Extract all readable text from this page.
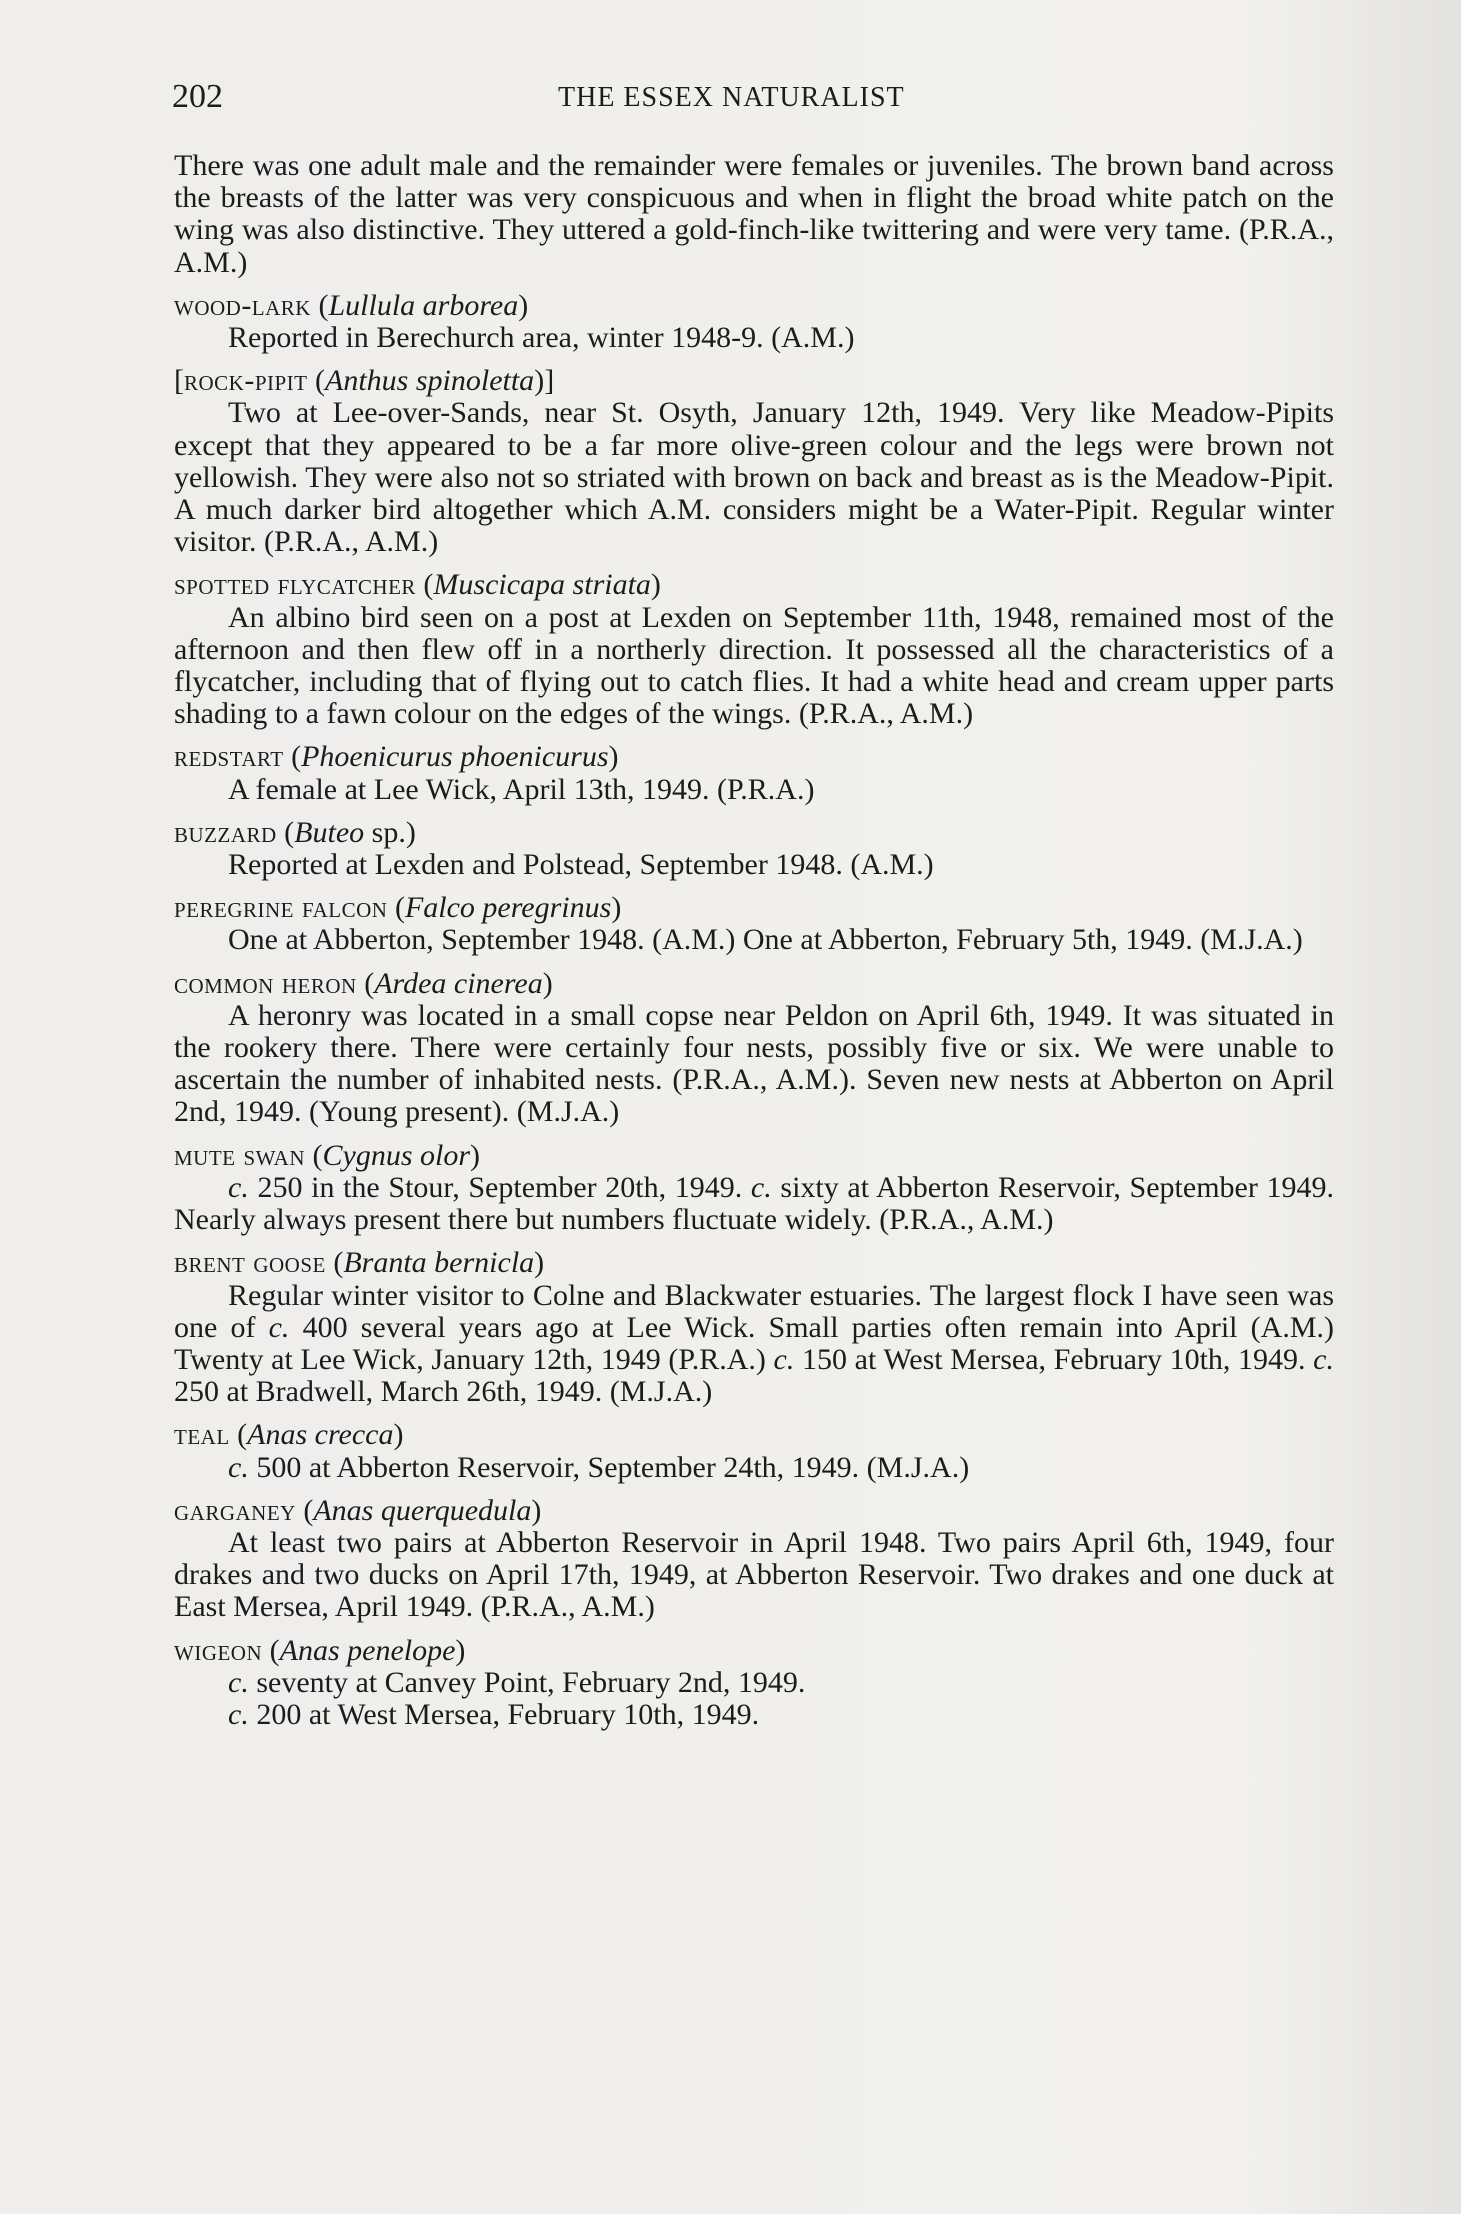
202	THE ESSEX NATURALIST

There was one adult male and the remainder were females or juveniles. The brown band across the breasts of the latter was very conspicuous and when in flight the broad white patch on the wing was also distinctive. They uttered a gold-finch-like twittering and were very tame. (P.R.A., A.M.)

wood-lark (Lullula arborea)

Reported in Berechurch area, winter 1948-9. (A.M.)

[rock-pipit (Anthus spinoletta)]

Two at Lee-over-Sands, near St. Osyth, January 12th, 1949. Very like Meadow-Pipits except that they appeared to be a far more olive-green colour and the legs were brown not yellowish. They were also not so striated with brown on back and breast as is the Meadow-Pipit. A much darker bird altogether which A.M. considers might be a Water-Pipit. Regular winter visitor. (P.R.A., A.M.)

spotted flycatcher (Muscicapa striata)

An albino bird seen on a post at Lexden on September 11th, 1948, remained most of the afternoon and then flew off in a northerly direction. It possessed all the characteristics of a flycatcher, including that of flying out to catch flies. It had a white head and cream upper parts shading to a fawn colour on the edges of the wings. (P.R.A., A.M.)

redstart (Phoenicurus phoenicurus)

A female at Lee Wick, April 13th, 1949. (P.R.A.)

buzzard (Buteo sp.)

Reported at Lexden and Polstead, September 1948. (A.M.)

peregrine falcon (Falco peregrinus)

One at Abberton, September 1948. (A.M.) One at Abberton, February 5th, 1949. (M.J.A.)

common heron (Ardea cinerea)

A heronry was located in a small copse near Peldon on April 6th, 1949. It was situated in the rookery there. There were certainly four nests, possibly five or six. We were unable to ascertain the number of inhabited nests. (P.R.A., A.M.). Seven new nests at Abberton on April 2nd, 1949. (Young present). (M.J.A.)

mute swan (Cygnus olor)

c. 250 in the Stour, September 20th, 1949. c. sixty at Abberton Reservoir, September 1949. Nearly always present there but numbers fluctuate widely. (P.R.A., A.M.)

brent goose (Branta bernicla)

Regular winter visitor to Colne and Blackwater estuaries. The largest flock I have seen was one of c. 400 several years ago at Lee Wick. Small parties often remain into April (A.M.) Twenty at Lee Wick, January 12th, 1949 (P.R.A.) c. 150 at West Mersea, February 10th, 1949. c. 250 at Bradwell, March 26th, 1949. (M.J.A.)

teal (Anas crecca)

c. 500 at Abberton Reservoir, September 24th, 1949. (M.J.A.)

garganey (Anas querquedula)

At least two pairs at Abberton Reservoir in April 1948. Two pairs April 6th, 1949, four drakes and two ducks on April 17th, 1949, at Abberton Reservoir. Two drakes and one duck at East Mersea, April 1949. (P.R.A., A.M.)

wigeon (Anas penelope)

c. seventy at Canvey Point, February 2nd, 1949.

c. 200 at West Mersea, February 10th, 1949.
